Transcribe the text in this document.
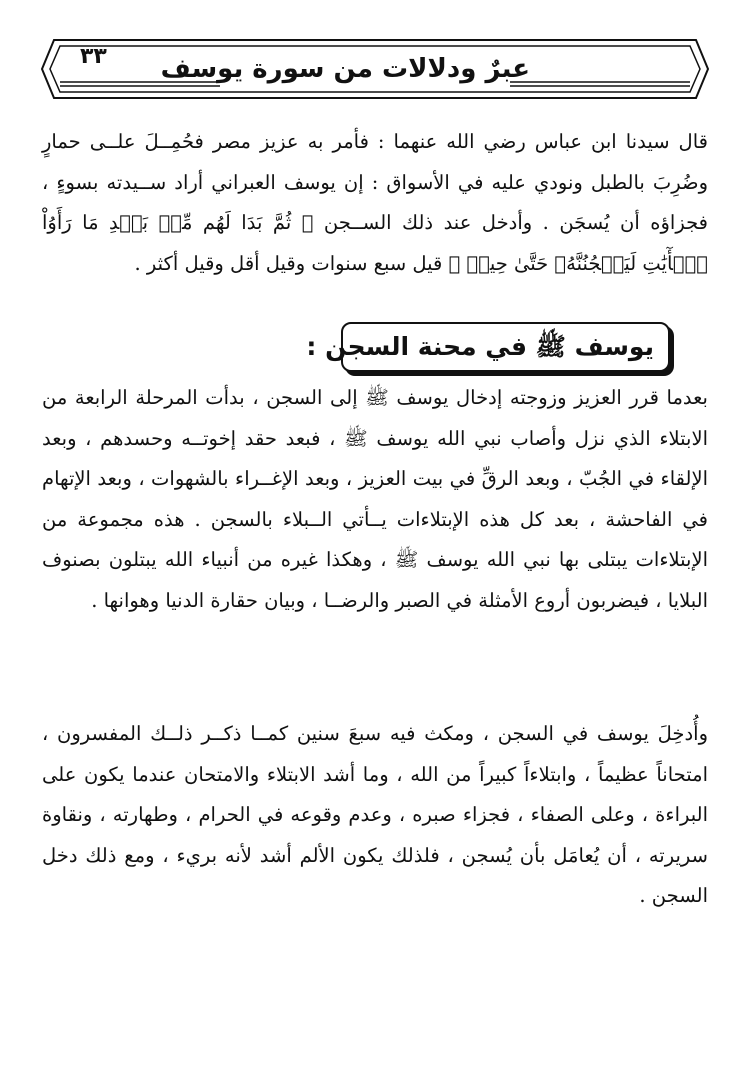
عبرٌ ودلالات من سورة يوسف
٣٣

قال سيدنا ابن عباس رضي الله عنهما : فأمر به عزيز مصر فحُمِــلَ علــى حمارٍ وضُرِبَ بالطبل ونودي عليه في الأسواق : إن يوسف العبراني أراد ســيدته بسوءٍ ، فجزاؤه أن يُسجَن . وأدخل عند ذلك الســجن ﴿ ثُمَّ بَدَا لَهُم مِّنۢ بَعۡدِ مَا رَأَوُاْ ٱلۡأٓيَٰتِ لَيَسۡجُنُنَّهُۥ حَتَّىٰ حِينٖ ﴾ قيل سبع سنوات وقيل أقل وقيل أكثر .

يوسف ﷺ في محنة السجن :

بعدما قرر العزيز وزوجته إدخال يوسف ﷺ إلى السجن ، بدأت المرحلة الرابعة من الابتلاء الذي نزل وأصاب نبي الله يوسف ﷺ ، فبعد حقد إخوتــه وحسدهم ، وبعد الإلقاء في الجُبّ ، وبعد الرقِّ في بيت العزيز ، وبعد الإغــراء بالشهوات ، وبعد الإتهام في الفاحشة ، بعد كل هذه الإبتلاءات يــأتي الــبلاء بالسجن . هذه مجموعة من الإبتلاءات يبتلى بها نبي الله يوسف ﷺ ، وهكذا غيره من أنبياء الله يبتلون بصنوف البلايا ، فيضربون أروع الأمثلة في الصبر والرضــا ، وبيان حقارة الدنيا وهوانها .

وأُدخِلَ يوسف في السجن ، ومكث فيه سبعَ سنين كمــا ذكــر ذلــك المفسرون ، امتحاناً عظيماً ، وابتلاءاً كبيراً من الله ، وما أشد الابتلاء والامتحان عندما يكون على البراءة ، وعلى الصفاء ، فجزاء صبره ، وعدم وقوعه في الحرام ، وطهارته ، ونقاوة سريرته ، أن يُعامَل بأن يُسجن ، فلذلك يكون الألم أشد لأنه بريء ، ومع ذلك دخل السجن .
